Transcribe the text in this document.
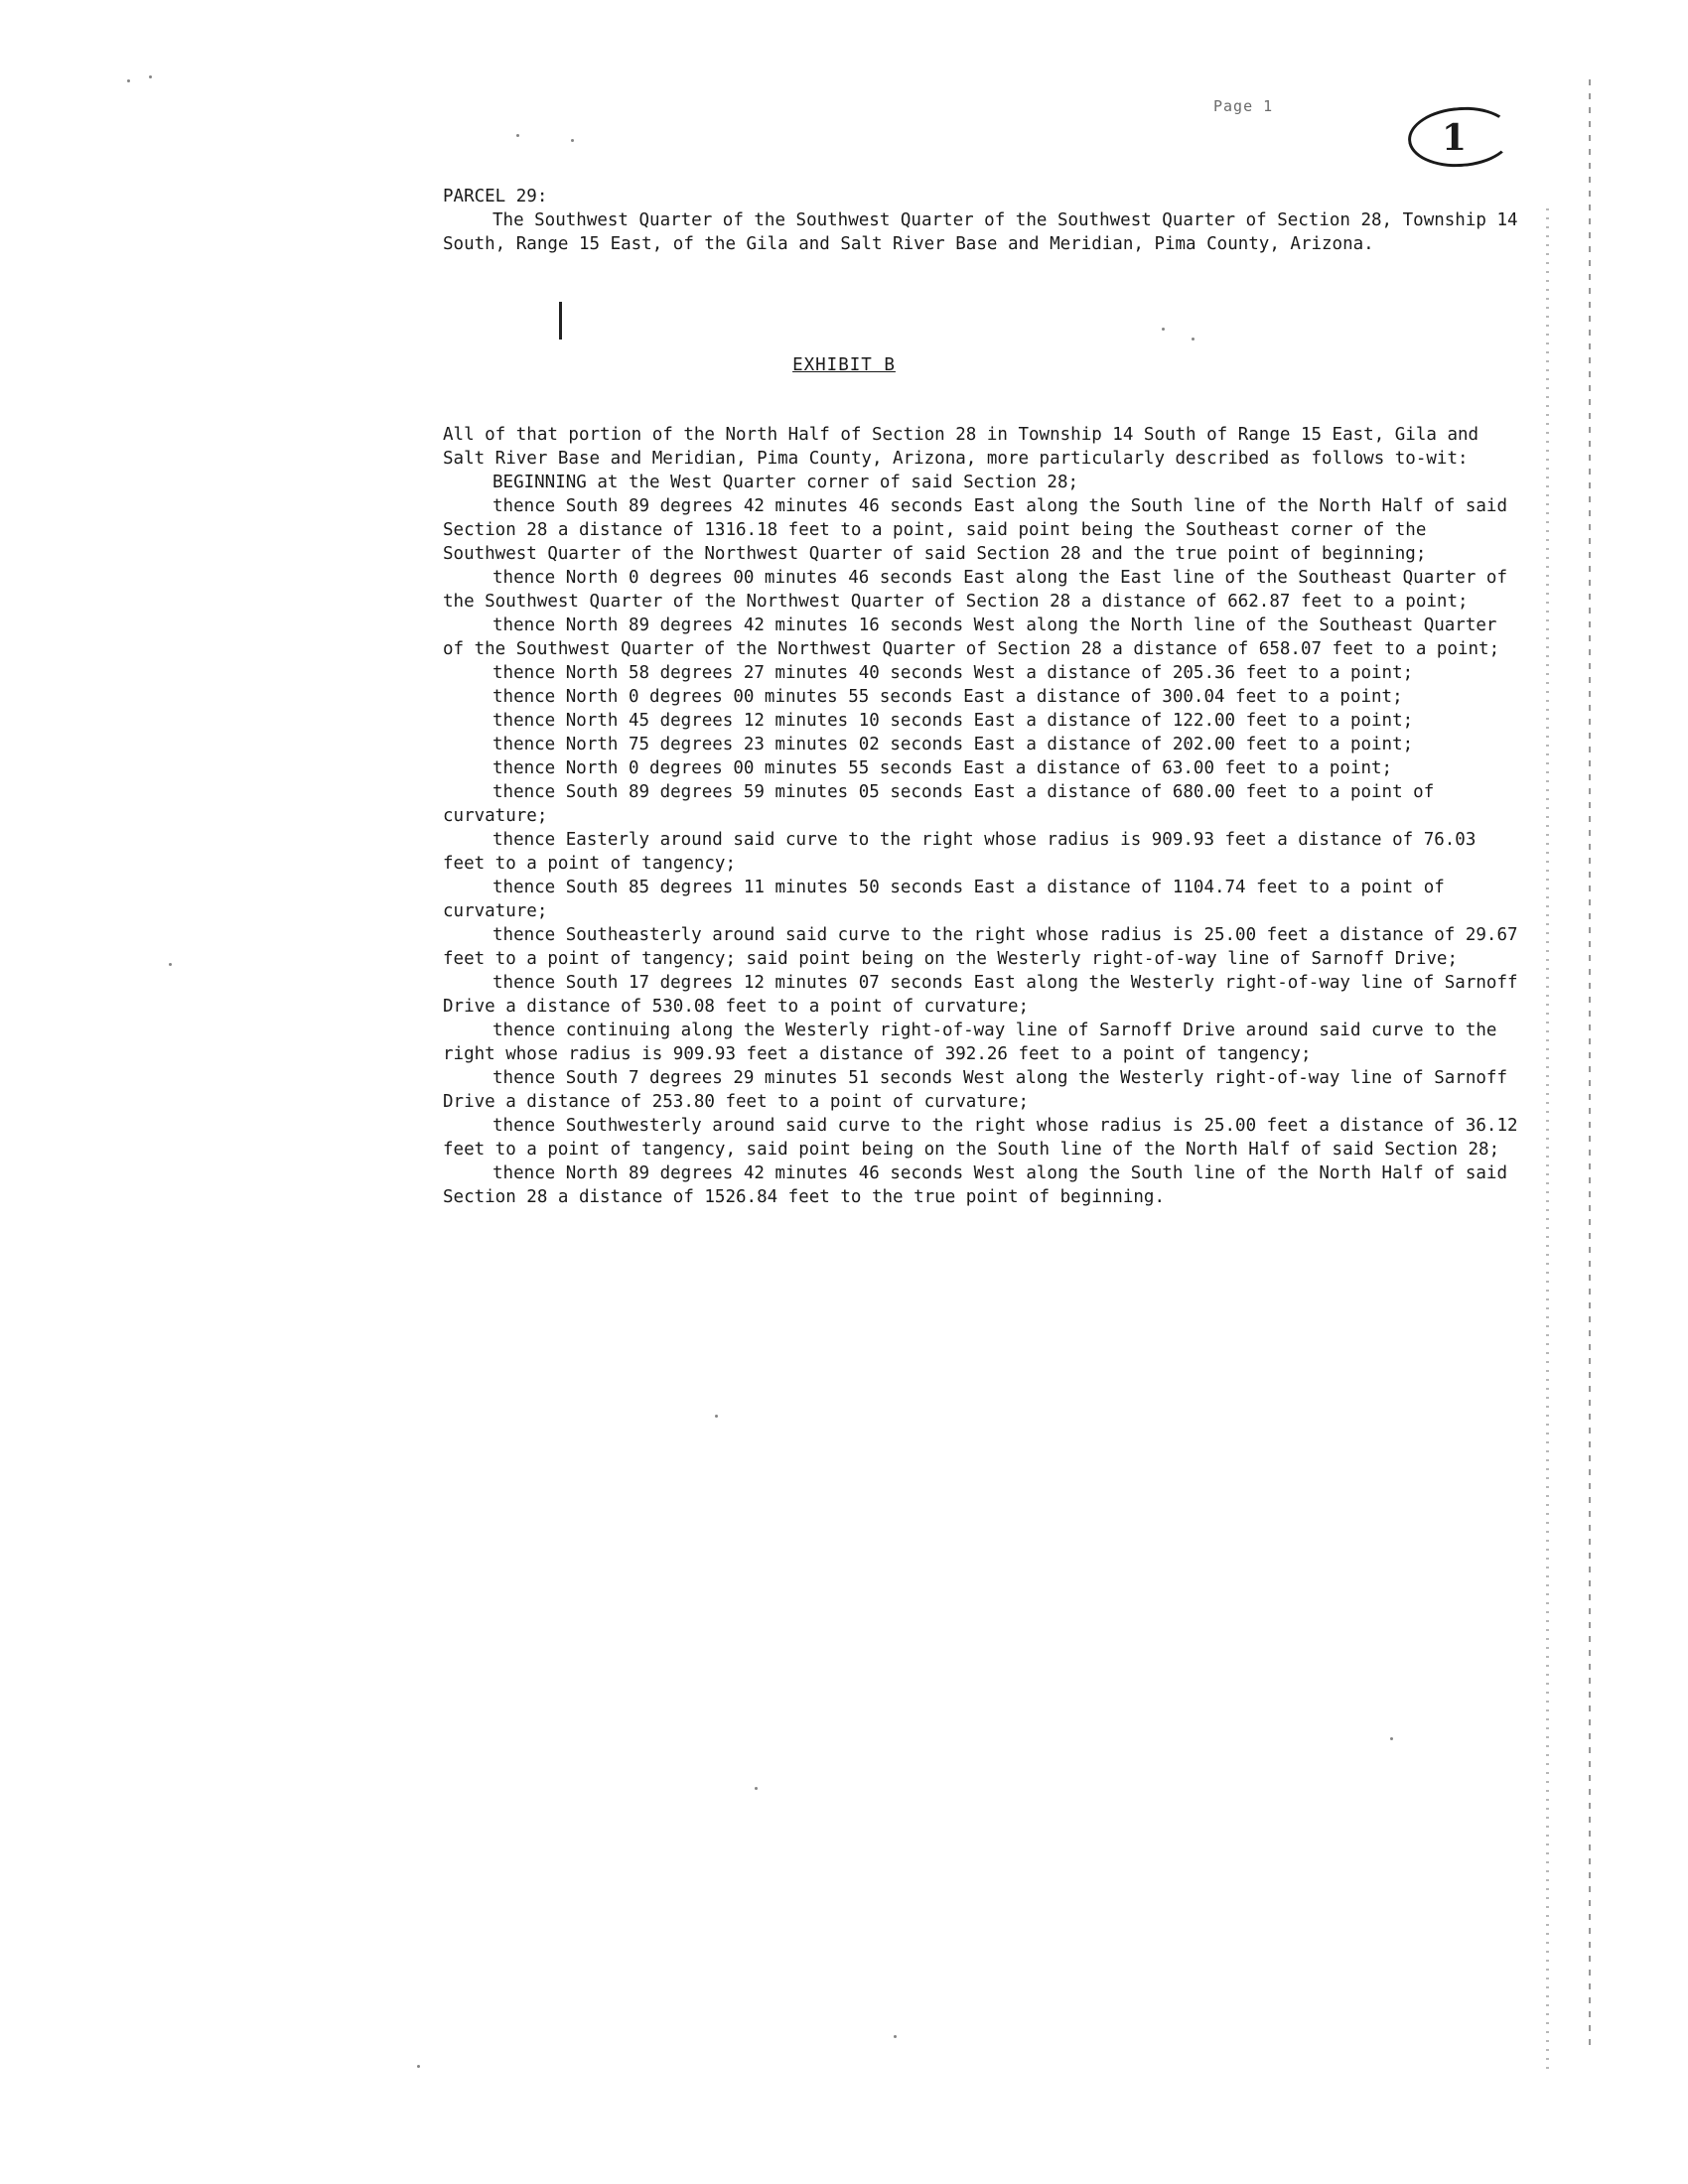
Page 1
1

PARCEL 29:

The Southwest Quarter of the Southwest Quarter of the Southwest Quarter of Section 28, Township 14 South, Range 15 East, of the Gila and Salt River Base and Meridian, Pima County, Arizona.

EXHIBIT B

All of that portion of the North Half of Section 28 in Township 14 South of Range 15 East, Gila and Salt River Base and Meridian, Pima County, Arizona, more particularly described as follows to-wit:

BEGINNING at the West Quarter corner of said Section 28;

thence South 89 degrees 42 minutes 46 seconds East along the South line of the North Half of said Section 28 a distance of 1316.18 feet to a point, said point being the Southeast corner of the Southwest Quarter of the Northwest Quarter of said Section 28 and the true point of beginning;

thence North 0 degrees 00 minutes 46 seconds East along the East line of the Southeast Quarter of the Southwest Quarter of the Northwest Quarter of Section 28 a distance of 662.87 feet to a point;

thence North 89 degrees 42 minutes 16 seconds West along the North line of the Southeast Quarter of the Southwest Quarter of the Northwest Quarter of Section 28 a distance of 658.07 feet to a point;

thence North 58 degrees 27 minutes 40 seconds West a distance of 205.36 feet to a point;

thence North 0 degrees 00 minutes 55 seconds East a distance of 300.04 feet to a point;

thence North 45 degrees 12 minutes 10 seconds East a distance of 122.00 feet to a point;

thence North 75 degrees 23 minutes 02 seconds East a distance of 202.00 feet to a point;

thence North 0 degrees 00 minutes 55 seconds East a distance of 63.00 feet to a point;

thence South 89 degrees 59 minutes 05 seconds East a distance of 680.00 feet to a point of curvature;

thence Easterly around said curve to the right whose radius is 909.93 feet a distance of 76.03 feet to a point of tangency;

thence South 85 degrees 11 minutes 50 seconds East a distance of 1104.74 feet to a point of curvature;

thence Southeasterly around said curve to the right whose radius is 25.00 feet a distance of 29.67 feet to a point of tangency; said point being on the Westerly right-of-way line of Sarnoff Drive;

thence South 17 degrees 12 minutes 07 seconds East along the Westerly right-of-way line of Sarnoff Drive a distance of 530.08 feet to a point of curvature;

thence continuing along the Westerly right-of-way line of Sarnoff Drive around said curve to the right whose radius is 909.93 feet a distance of 392.26 feet to a point of tangency;

thence South 7 degrees 29 minutes 51 seconds West along the Westerly right-of-way line of Sarnoff Drive a distance of 253.80 feet to a point of curvature;

thence Southwesterly around said curve to the right whose radius is 25.00 feet a distance of 36.12 feet to a point of tangency, said point being on the South line of the North Half of said Section 28;

thence North 89 degrees 42 minutes 46 seconds West along the South line of the North Half of said Section 28 a distance of 1526.84 feet to the true point of beginning.
